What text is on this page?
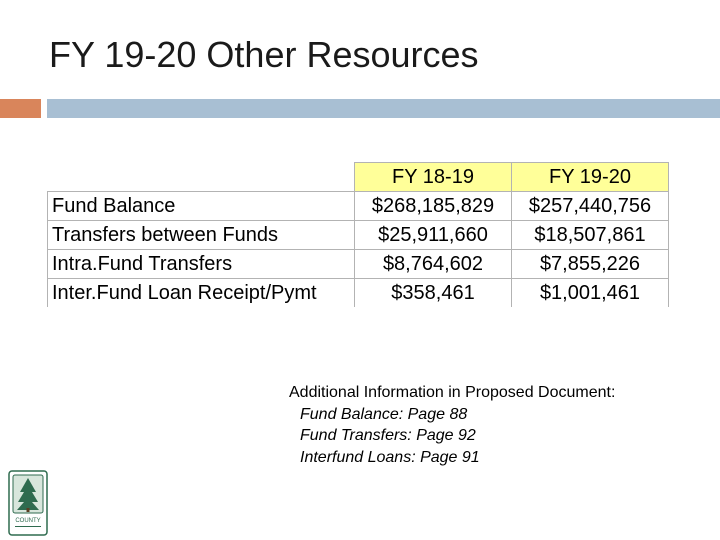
FY 19-20 Other Resources
	FY 18-19	FY 19-20
Fund Balance	$268,185,829	$257,440,756
Transfers between Funds	$25,911,660	$18,507,861
Intra.Fund Transfers	$8,764,602	$7,855,226
Inter.Fund Loan Receipt/Pymt	$358,461	$1,001,461
Additional Information in Proposed Document:
Fund Balance: Page 88
Fund Transfers: Page 92
Interfund Loans: Page 91
COUNTY
